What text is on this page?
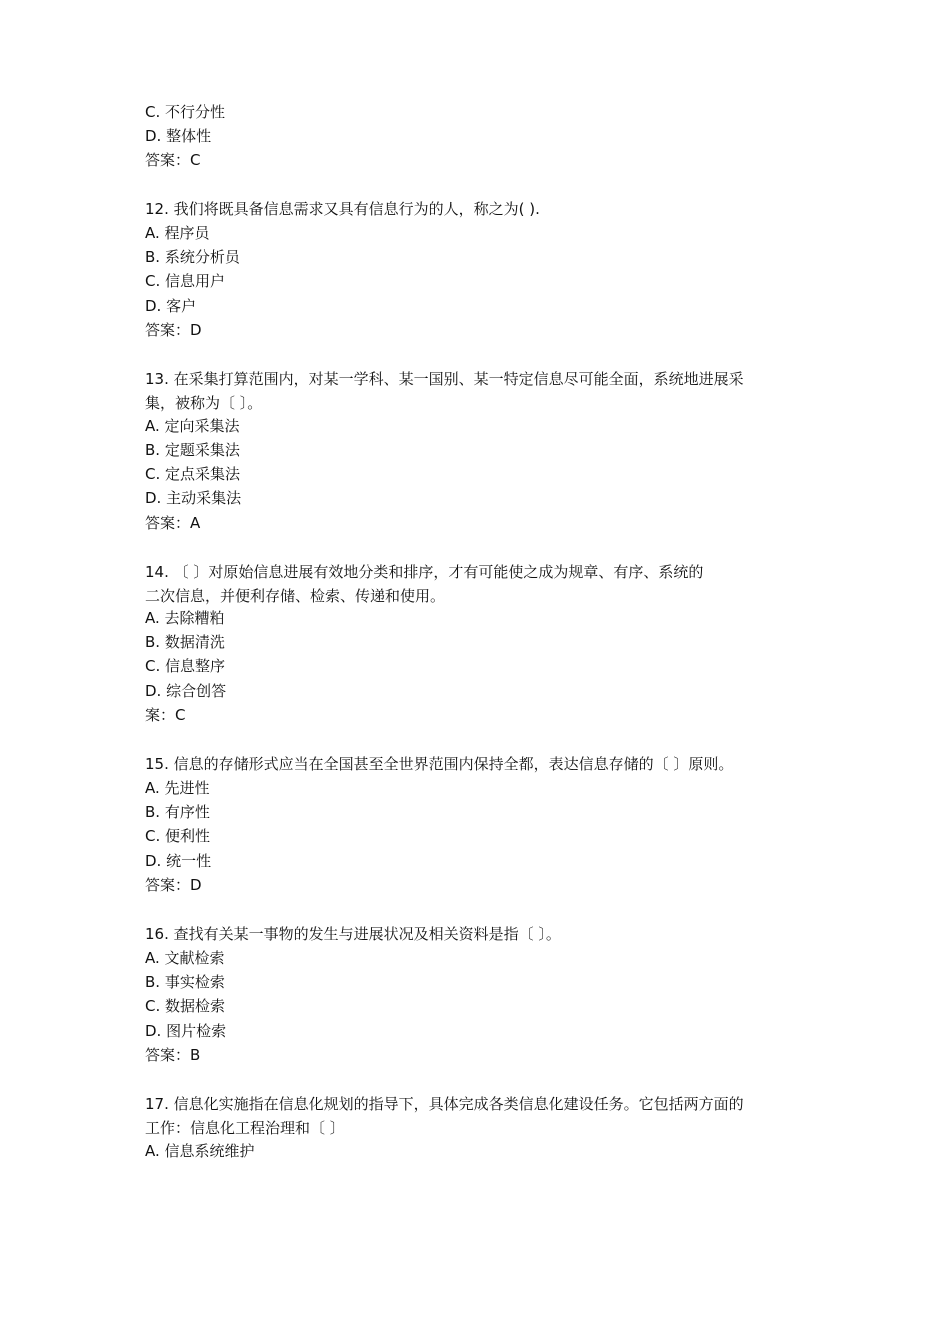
C. 不行分性
D. 整体性
答案：C
12. 我们将既具备信息需求又具有信息行为的人，称之为( ).
A. 程序员
B. 系统分析员
C. 信息用户
D. 客户
答案：D
13. 在采集打算范围内，对某一学科、某一国别、某一特定信息尽可能全面，系统地进展采
集，被称为〔 〕。
A. 定向采集法
B. 定题采集法
C. 定点采集法
D. 主动采集法
答案：A
14. 〔 〕对原始信息进展有效地分类和排序，才有可能使之成为规章、有序、系统的
二次信息，并便利存储、检索、传递和使用。
A. 去除糟粕
B. 数据清洗
C. 信息整序
D. 综合创答
案：C
15. 信息的存储形式应当在全国甚至全世界范围内保持全都，表达信息存储的〔 〕原则。
A. 先进性
B. 有序性
C. 便利性
D. 统一性
答案：D
16. 查找有关某一事物的发生与进展状况及相关资料是指〔 〕。
A. 文献检索
B. 事实检索
C. 数据检索
D. 图片检索
答案：B
17. 信息化实施指在信息化规划的指导下，具体完成各类信息化建设任务。它包括两方面的
工作：信息化工程治理和〔 〕
A. 信息系统维护
